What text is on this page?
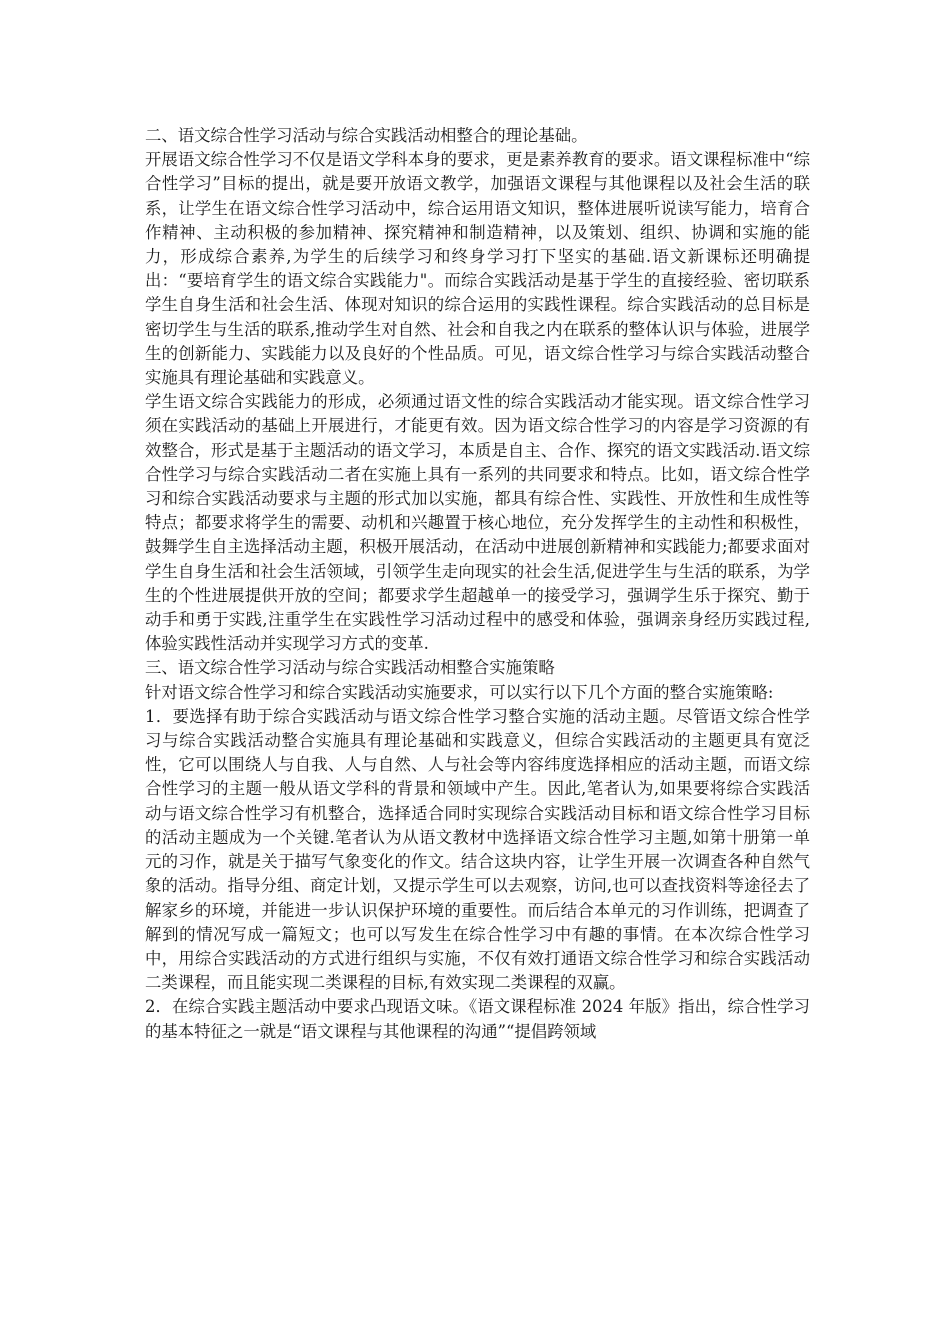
二、语文综合性学习活动与综合实践活动相整合的理论基础。

开展语文综合性学习不仅是语文学科本身的要求，更是素养教育的要求。语文课程标准中“综合性学习”目标的提出，就是要开放语文教学，加强语文课程与其他课程以及社会生活的联系，让学生在语文综合性学习活动中，综合运用语文知识，整体进展听说读写能力，培育合作精神、主动积极的参加精神、探究精神和制造精神，以及策划、组织、协调和实施的能力，形成综合素养,为学生的后续学习和终身学习打下坚实的基础.语文新课标还明确提出：“要培育学生的语文综合实践能力"。而综合实践活动是基于学生的直接经验、密切联系学生自身生活和社会生活、体现对知识的综合运用的实践性课程。综合实践活动的总目标是密切学生与生活的联系,推动学生对自然、社会和自我之内在联系的整体认识与体验，进展学生的创新能力、实践能力以及良好的个性品质。可见，语文综合性学习与综合实践活动整合实施具有理论基础和实践意义。

学生语文综合实践能力的形成，必须通过语文性的综合实践活动才能实现。语文综合性学习须在实践活动的基础上开展进行，才能更有效。因为语文综合性学习的内容是学习资源的有效整合，形式是基于主题活动的语文学习，本质是自主、合作、探究的语文实践活动.语文综合性学习与综合实践活动二者在实施上具有一系列的共同要求和特点。比如，语文综合性学习和综合实践活动要求与主题的形式加以实施，都具有综合性、实践性、开放性和生成性等特点；都要求将学生的需要、动机和兴趣置于核心地位，充分发挥学生的主动性和积极性，鼓舞学生自主选择活动主题，积极开展活动，在活动中进展创新精神和实践能力;都要求面对学生自身生活和社会生活领域，引领学生走向现实的社会生活,促进学生与生活的联系，为学生的个性进展提供开放的空间；都要求学生超越单一的接受学习，强调学生乐于探究、勤于动手和勇于实践,注重学生在实践性学习活动过程中的感受和体验，强调亲身经历实践过程,体验实践性活动并实现学习方式的变革.

三、语文综合性学习活动与综合实践活动相整合实施策略

针对语文综合性学习和综合实践活动实施要求，可以实行以下几个方面的整合实施策略:

1．要选择有助于综合实践活动与语文综合性学习整合实施的活动主题。尽管语文综合性学习与综合实践活动整合实施具有理论基础和实践意义，但综合实践活动的主题更具有宽泛性，它可以围绕人与自我、人与自然、人与社会等内容纬度选择相应的活动主题，而语文综合性学习的主题一般从语文学科的背景和领域中产生。因此,笔者认为,如果要将综合实践活动与语文综合性学习有机整合，选择适合同时实现综合实践活动目标和语文综合性学习目标的活动主题成为一个关键.笔者认为从语文教材中选择语文综合性学习主题,如第十册第一单元的习作，就是关于描写气象变化的作文。结合这块内容，让学生开展一次调查各种自然气象的活动。指导分组、商定计划，又提示学生可以去观察，访问,也可以查找资料等途径去了解家乡的环境，并能进一步认识保护环境的重要性。而后结合本单元的习作训练，把调查了解到的情况写成一篇短文；也可以写发生在综合性学习中有趣的事情。在本次综合性学习中，用综合实践活动的方式进行组织与实施，不仅有效打通语文综合性学习和综合实践活动二类课程，而且能实现二类课程的目标,有效实现二类课程的双赢。

2．在综合实践主题活动中要求凸现语文味。《语文课程标准 2024 年版》指出，综合性学习的基本特征之一就是“语文课程与其他课程的沟通”“提倡跨领域
